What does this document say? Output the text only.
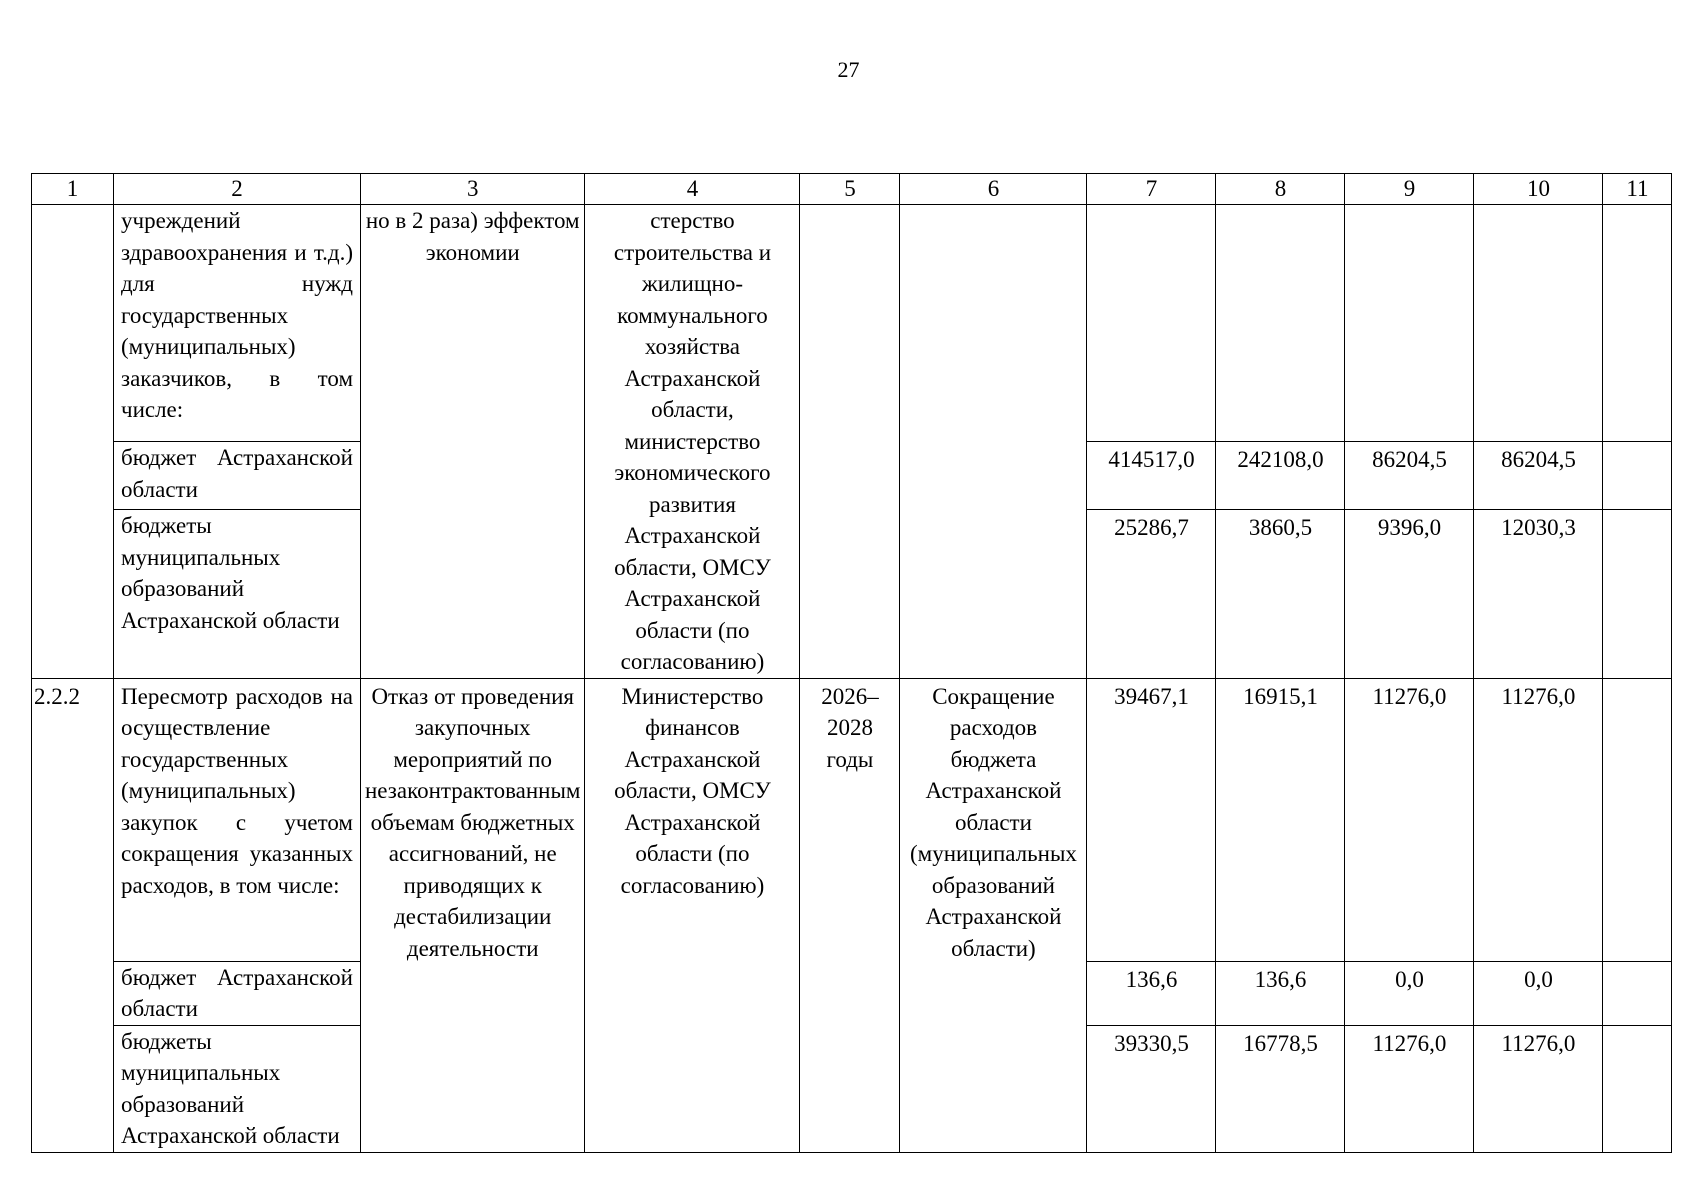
27
1	2	3	4	5	6	7	8	9	10	11
	учреждений здравоохранения и т.д.) для нужд государственных (муниципальных) заказчиков, в том числе:	но в 2 раза) эффектом экономии	стерство строительства и жилищно-коммунального хозяйства Астраханской области, министерство экономического развития Астраханской области, ОМСУ Астраханской области (по согласованию)							
	бюджет Астраханской области					414517,0	242108,0	86204,5	86204,5	
	бюджеты муниципальных образований Астраханской области					25286,7	3860,5	9396,0	12030,3	
2.2.2	Пересмотр расходов на осуществление государственных (муниципальных) закупок с учетом сокращения указанных расходов, в том числе:	Отказ от проведения закупочных мероприятий по незаконтрактованным объемам бюджетных ассигнований, не приводящих к дестабилизации деятельности	Министерство финансов Астраханской области, ОМСУ Астраханской области (по согласованию)	2026–2028 годы	Сокращение расходов бюджета Астраханской области (муниципальных образований Астраханской области)	39467,1	16915,1	11276,0	11276,0	
	бюджет Астраханской области					136,6	136,6	0,0	0,0	
	бюджеты муниципальных образований Астраханской области					39330,5	16778,5	11276,0	11276,0	
